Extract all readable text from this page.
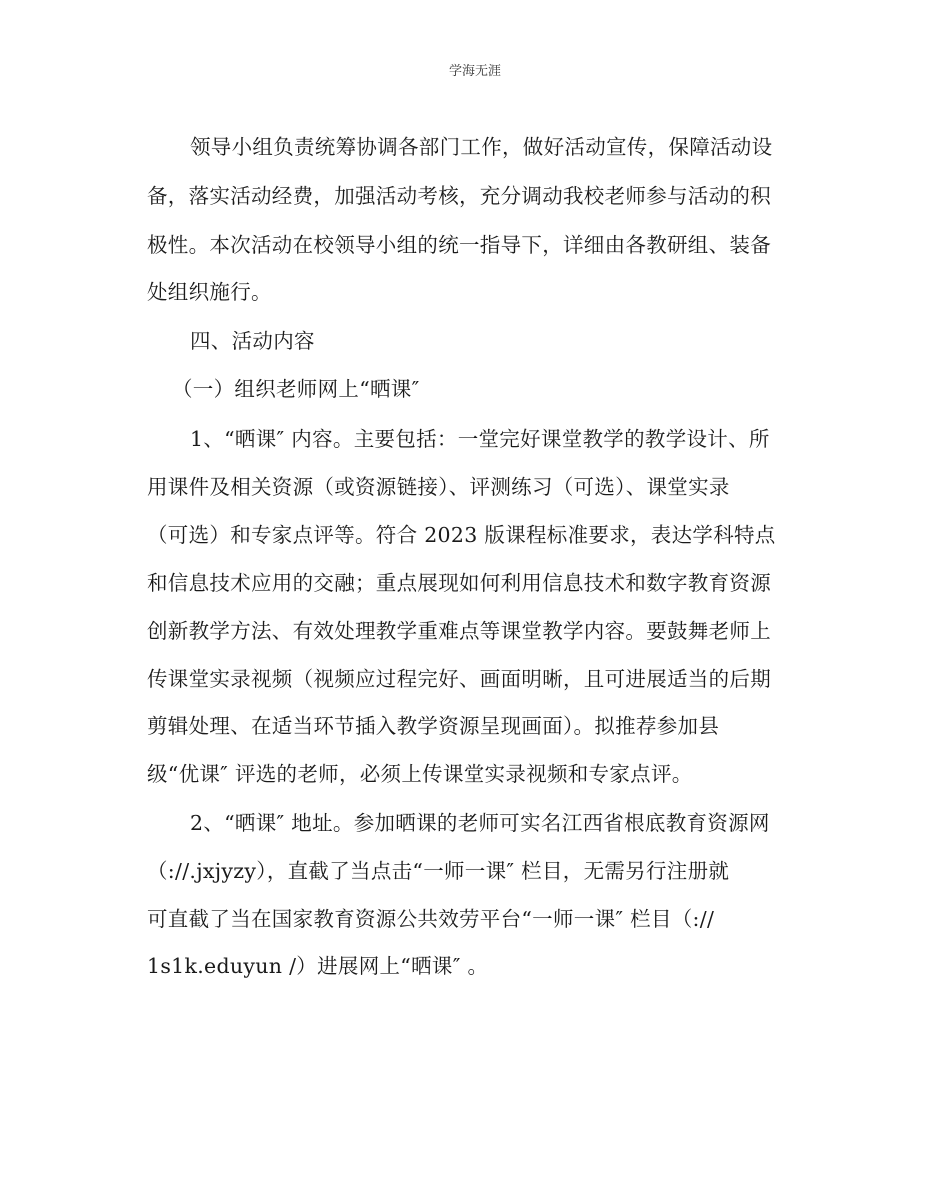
学海无涯
领导小组负责统筹协调各部门工作，做好活动宣传，保障活动设
备，落实活动经费，加强活动考核，充分调动我校老师参与活动的积
极性。本次活动在校领导小组的统一指导下，详细由各教研组、装备
处组织施行。
四、活动内容
（一）组织老师网上“晒课″
1、“晒课″ 内容。主要包括：一堂完好课堂教学的教学设计、所
用课件及相关资源（或资源链接）、评测练习（可选）、课堂实录
（可选）和专家点评等。符合 2023 版课程标准要求，表达学科特点
和信息技术应用的交融；重点展现如何利用信息技术和数字教育资源
创新教学方法、有效处理教学重难点等课堂教学内容。要鼓舞老师上
传课堂实录视频（视频应过程完好、画面明晰，且可进展适当的后期
剪辑处理、在适当环节插入教学资源呈现画面）。拟推荐参加县
级“优课″ 评选的老师，必须上传课堂实录视频和专家点评。
2、“晒课″ 地址。参加晒课的老师可实名江西省根底教育资源网
（://.jxjyzy），直截了当点击“一师一课″ 栏目，无需另行注册就
可直截了当在国家教育资源公共效劳平台“一师一课″ 栏目（://
1s1k.eduyun /）进展网上“晒课″ 。
